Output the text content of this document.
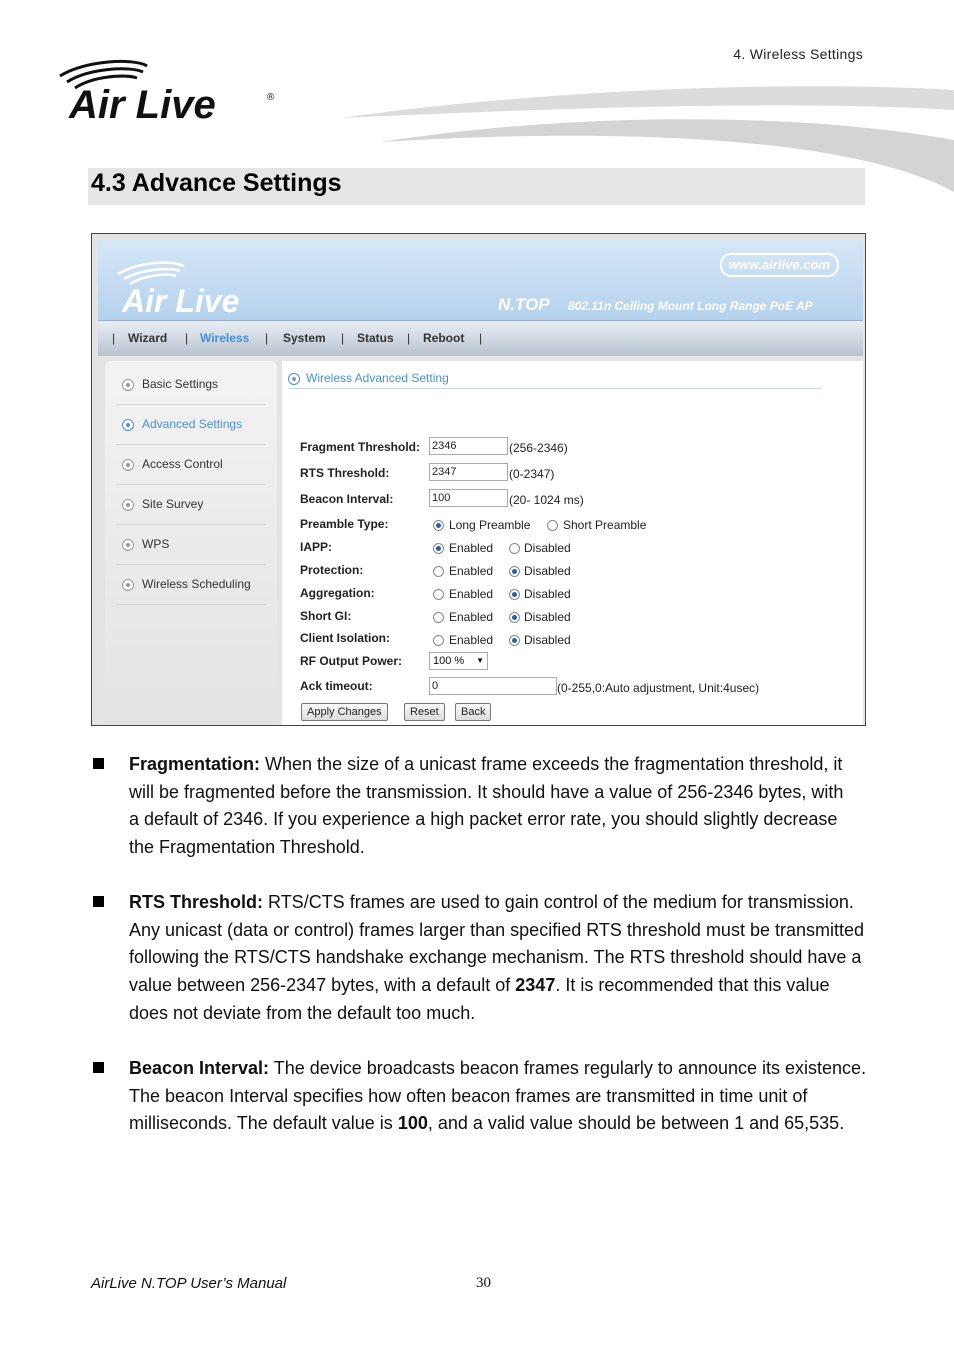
4. Wireless Settings
Air Live	®
4.3 Advance Settings
Air Live
www.airlive.com
N.TOP 802.11n Ceiling Mount Long Range PoE AP
| Wizard | Wireless | System | Status | Reboot |
Basic Settings
Advanced Settings
Access Control
Site Survey
WPS
Wireless Scheduling
Wireless Advanced Setting
Fragment Threshold: 2346	(256-2346)
RTS Threshold:	2347	(0-2347)
Beacon Interval:	100	(20- 1024 ms)
Preamble Type:	Long Preamble	Short Preamble
IAPP:	Enabled	Disabled
Protection:	Enabled	Disabled
Aggregation:	Enabled	Disabled
Short GI:	Enabled	Disabled
Client Isolation:	Enabled	Disabled
RF Output Power:	100 % ▼
Ack timeout:	0	(0-255,0:Auto adjustment, Unit:4usec)
Apply Changes	Reset	Back
Fragmentation: When the size of a unicast frame exceeds the fragmentation threshold, it will be fragmented before the transmission. It should have a value of 256-2346 bytes, with a default of 2346. If you experience a high packet error rate, you should slightly decrease the Fragmentation Threshold.
RTS Threshold: RTS/CTS frames are used to gain control of the medium for transmission. Any unicast (data or control) frames larger than specified RTS threshold must be transmitted following the RTS/CTS handshake exchange mechanism. The RTS threshold should have a value between 256-2347 bytes, with a default of 2347. It is recommended that this value does not deviate from the default too much.
Beacon Interval: The device broadcasts beacon frames regularly to announce its existence. The beacon Interval specifies how often beacon frames are transmitted in time unit of milliseconds. The default value is 100, and a valid value should be between 1 and 65,535.
AirLive N.TOP User’s Manual	30
